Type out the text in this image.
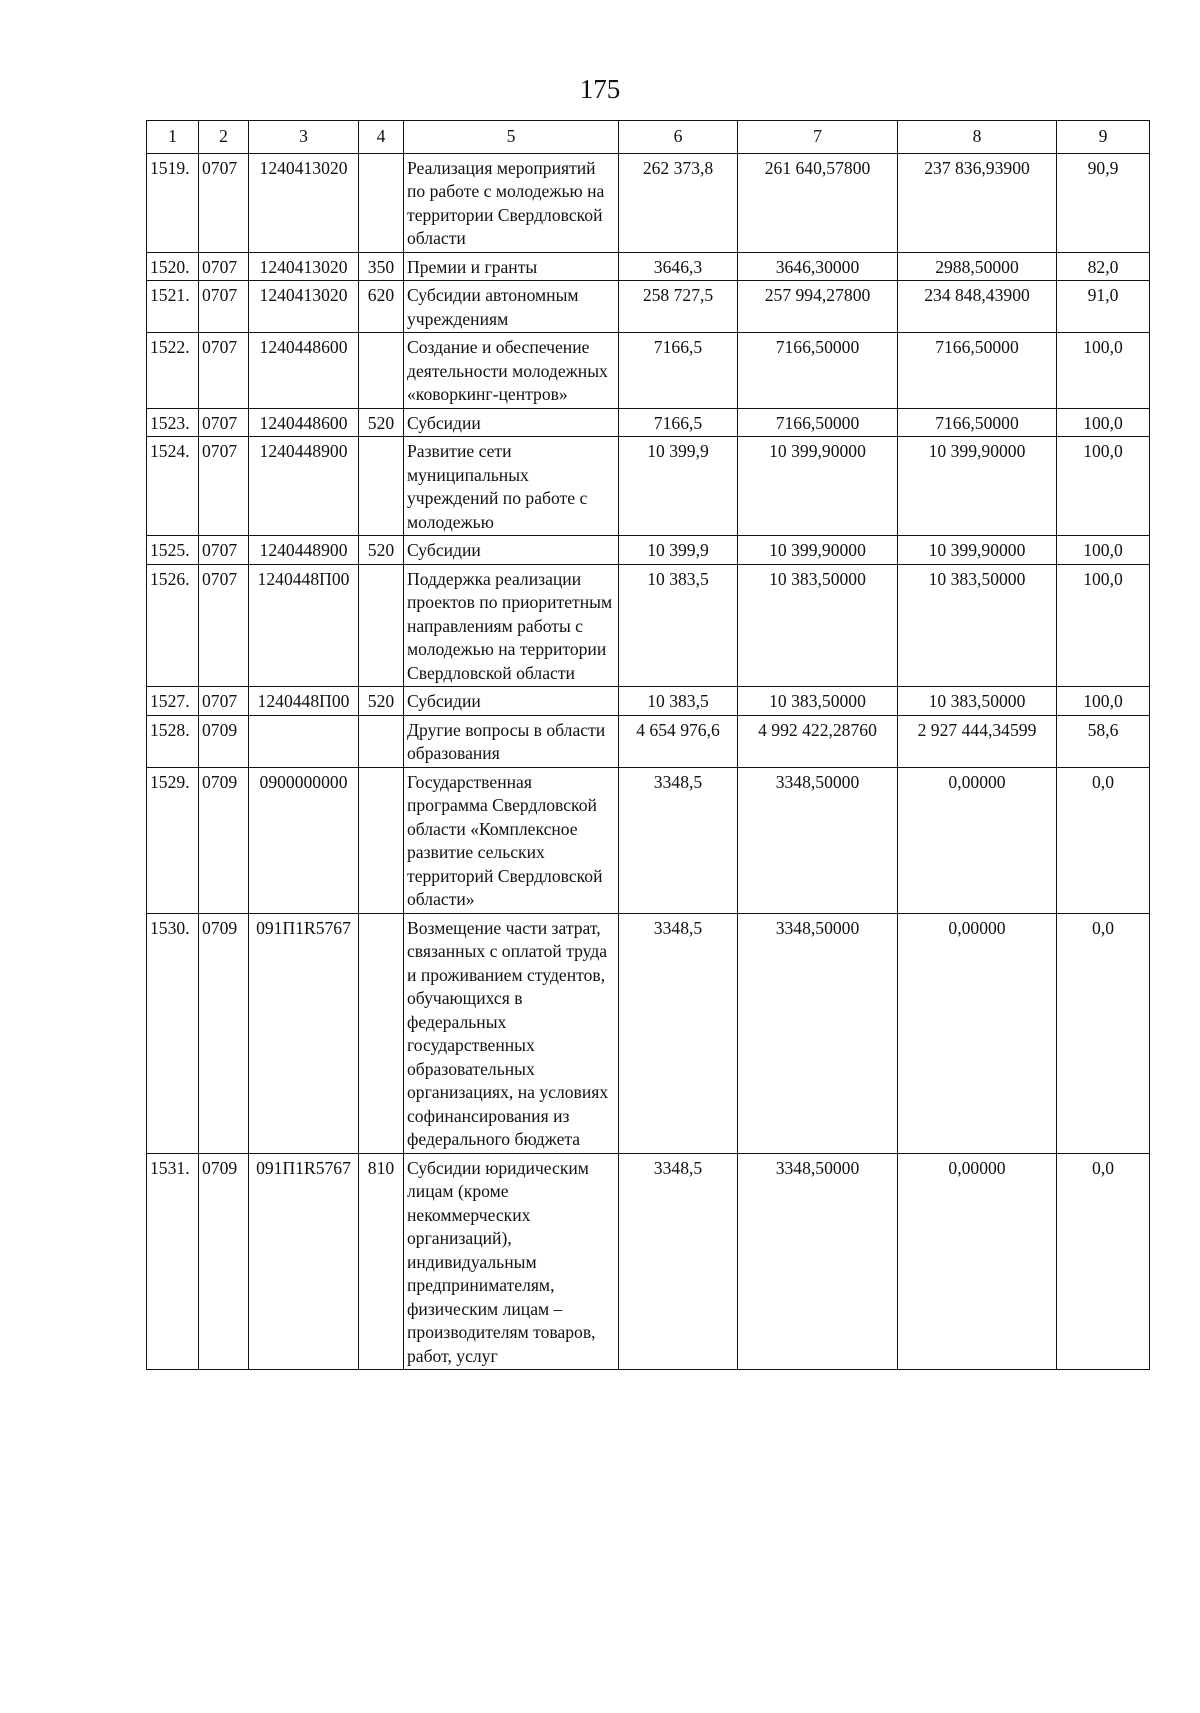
175
1	2	3	4	5	6	7	8	9
1519.	0707	1240413020		Реализация мероприятий по работе с молодежью на территории Свердловской области	262 373,8	261 640,57800	237 836,93900	90,9
1520.	0707	1240413020	350	Премии и гранты	3646,3	3646,30000	2988,50000	82,0
1521.	0707	1240413020	620	Субсидии автономным учреждениям	258 727,5	257 994,27800	234 848,43900	91,0
1522.	0707	1240448600		Создание и обеспечение деятельности молодежных «коворкинг-центров»	7166,5	7166,50000	7166,50000	100,0
1523.	0707	1240448600	520	Субсидии	7166,5	7166,50000	7166,50000	100,0
1524.	0707	1240448900		Развитие сети муниципальных учреждений по работе с молодежью	10 399,9	10 399,90000	10 399,90000	100,0
1525.	0707	1240448900	520	Субсидии	10 399,9	10 399,90000	10 399,90000	100,0
1526.	0707	1240448П00		Поддержка реализации проектов по приоритетным направлениям работы с молодежью на территории Свердловской области	10 383,5	10 383,50000	10 383,50000	100,0
1527.	0707	1240448П00	520	Субсидии	10 383,5	10 383,50000	10 383,50000	100,0
1528.	0709			Другие вопросы в области образования	4 654 976,6	4 992 422,28760	2 927 444,34599	58,6
1529.	0709	0900000000		Государственная программа Свердловской области «Комплексное развитие сельских территорий Свердловской области»	3348,5	3348,50000	0,00000	0,0
1530.	0709	091П1R5767		Возмещение части затрат, связанных с оплатой труда и проживанием студентов, обучающихся в федеральных государственных образовательных организациях, на условиях софинансирования из федерального бюджета	3348,5	3348,50000	0,00000	0,0
1531.	0709	091П1R5767	810	Субсидии юридическим лицам (кроме некоммерческих организаций), индивидуальным предпринимателям, физическим лицам – производителям товаров, работ, услуг	3348,5	3348,50000	0,00000	0,0
